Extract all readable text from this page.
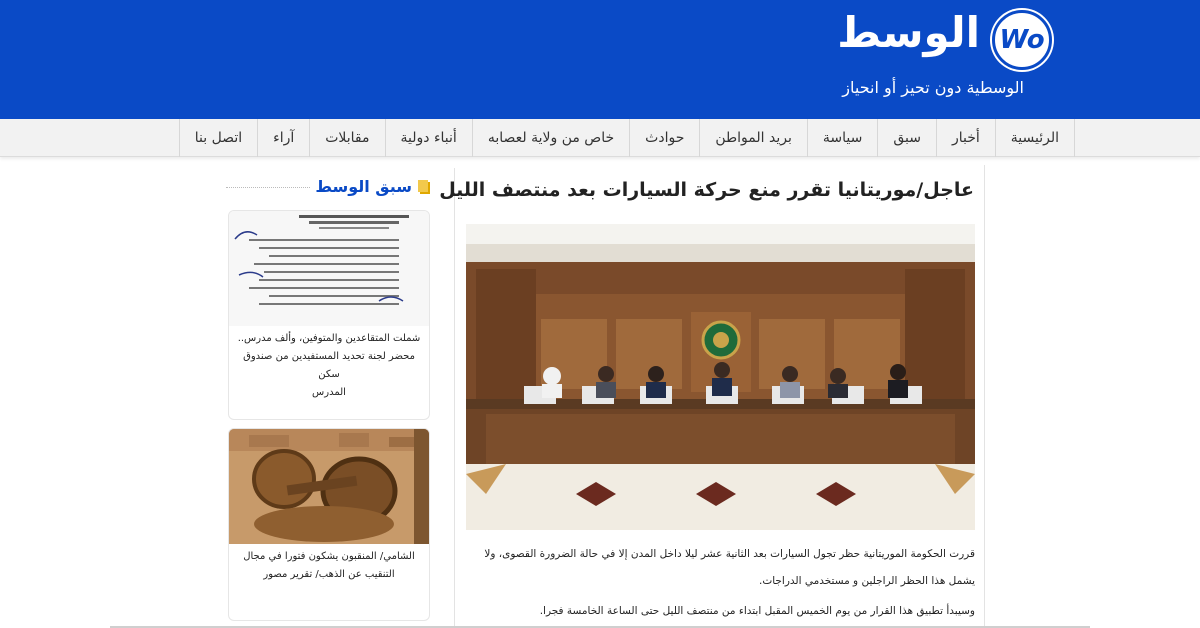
Wo
الوسط
الوسطية دون تحيز أو انحياز
الرئيسية
أخبار
سبق
سياسة
بريد المواطن
حوادث
خاص من ولاية لعصابه
أنباء دولية
مقابلات
آراء
اتصل بنا
عاجل/موريتانيا تقرر منع حركة السيارات بعد منتصف الليل
قررت الحكومة الموريتانية حظر تجول السيارات بعد الثانية عشر ليلا داخل المدن إلا في حالة الضرورة القصوى، ولا
يشمل هذا الحظر الراجلين و مستخدمي الدراجات.
وسيبدأ تطبيق هذا القرار من يوم الخميس المقبل ابتداء من منتصف الليل حتى الساعة الخامسة فجرا.
سبق الوسط
شملت المتقاعدين والمتوفين، وألف مدرس..
محضر لجنة تحديد المستفيدين من صندوق سكن
المدرس
الشامي/ المنقبون يشكون فتورا في مجال
التنقيب عن الذهب/ تقرير مصور
